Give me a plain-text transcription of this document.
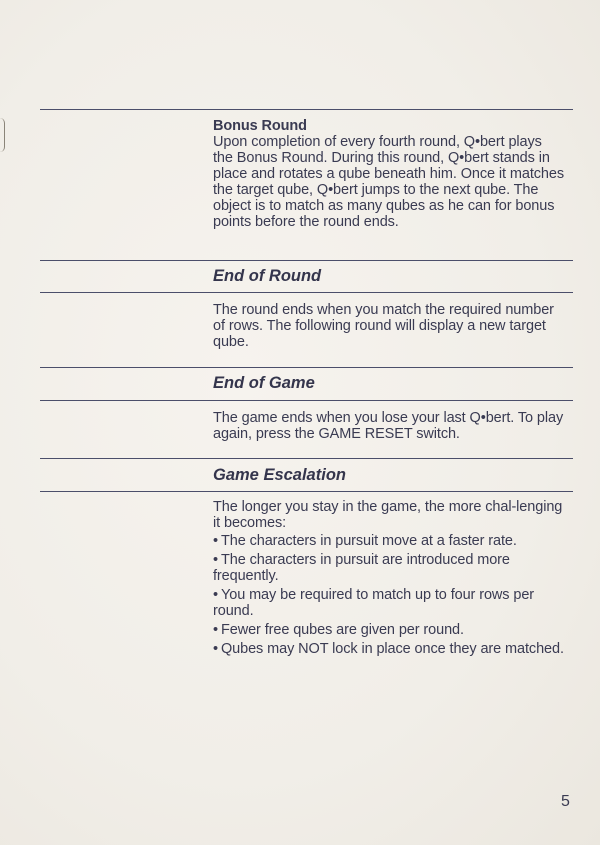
Bonus Round
Upon completion of every fourth round, Q•bert plays the Bonus Round. During this round, Q•bert stands in place and rotates a qube beneath him. Once it matches the target qube, Q•bert jumps to the next qube. The object is to match as many qubes as he can for bonus points before the round ends.
End of Round
The round ends when you match the required number of rows. The following round will display a new target qube.
End of Game
The game ends when you lose your last Q•bert. To play again, press the GAME RESET switch.
Game Escalation
The longer you stay in the game, the more chal-lenging it becomes:
• The characters in pursuit move at a faster rate.
• The characters in pursuit are introduced more frequently.
• You may be required to match up to four rows per round.
• Fewer free qubes are given per round.
• Qubes may NOT lock in place once they are matched.
5
